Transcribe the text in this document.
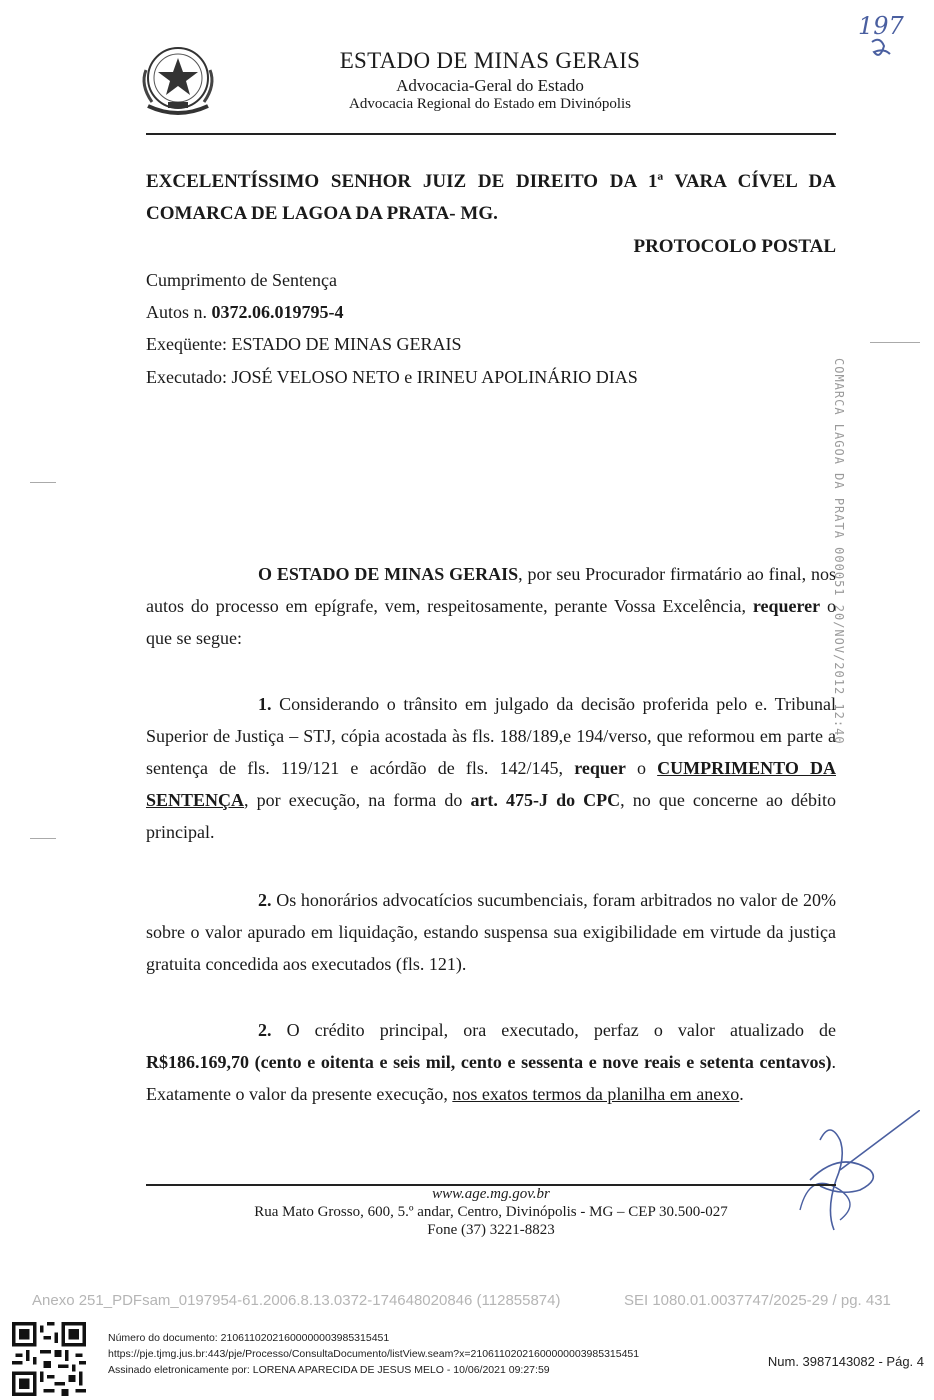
ESTADO DE MINAS GERAIS
Advocacia-Geral do Estado
Advocacia Regional do Estado em Divinópolis
197
EXCELENTÍSSIMO SENHOR JUIZ DE DIREITO DA 1ª VARA CÍVEL DA
COMARCA DE LAGOA DA PRATA- MG.
PROTOCOLO POSTAL
Cumprimento de Sentença
Autos n. 0372.06.019795-4
Exeqüente: ESTADO DE MINAS GERAIS
Executado: JOSÉ VELOSO NETO e IRINEU APOLINÁRIO DIAS	COMARCA LAGOA DA PRATA 000051 20/NOV/2012 12:40
O ESTADO DE MINAS GERAIS, por seu Procurador firmatário ao final, nos autos do processo em epígrafe, vem, respeitosamente, perante Vossa Excelência, requerer o que se segue:
1. Considerando o trânsito em julgado da decisão proferida pelo e. Tribunal Superior de Justiça – STJ, cópia acostada às fls. 188/189,e 194/verso, que reformou em parte a sentença de fls. 119/121 e acórdão de fls. 142/145, requer o CUMPRIMENTO DA SENTENÇA, por execução, na forma do art. 475-J do CPC, no que concerne ao débito principal.
2. Os honorários advocatícios sucumbenciais, foram arbitrados no valor de 20% sobre o valor apurado em liquidação, estando suspensa sua exigibilidade em virtude da justiça gratuita concedida aos executados (fls. 121).
2. O crédito principal, ora executado, perfaz o valor atualizado de R$186.169,70 (cento e oitenta e seis mil, cento e sessenta e nove reais e setenta centavos). Exatamente o valor da presente execução, nos exatos termos da planilha em anexo.
www.age.mg.gov.br
Rua Mato Grosso, 600, 5.º andar, Centro, Divinópolis - MG – CEP 30.500-027
Fone (37) 3221-8823
Anexo 251_PDFsam_0197954-61.2006.8.13.0372-174648020846 (112855874)	SEI 1080.01.0037747/2025-29 / pg. 431
Número do documento: 21061102021600000003985315451
https://pje.tjmg.jus.br:443/pje/Processo/ConsultaDocumento/listView.seam?x=21061102021600000003985315451
Assinado eletronicamente por: LORENA APARECIDA DE JESUS MELO - 10/06/2021 09:27:59
Num. 3987143082 - Pág. 4
